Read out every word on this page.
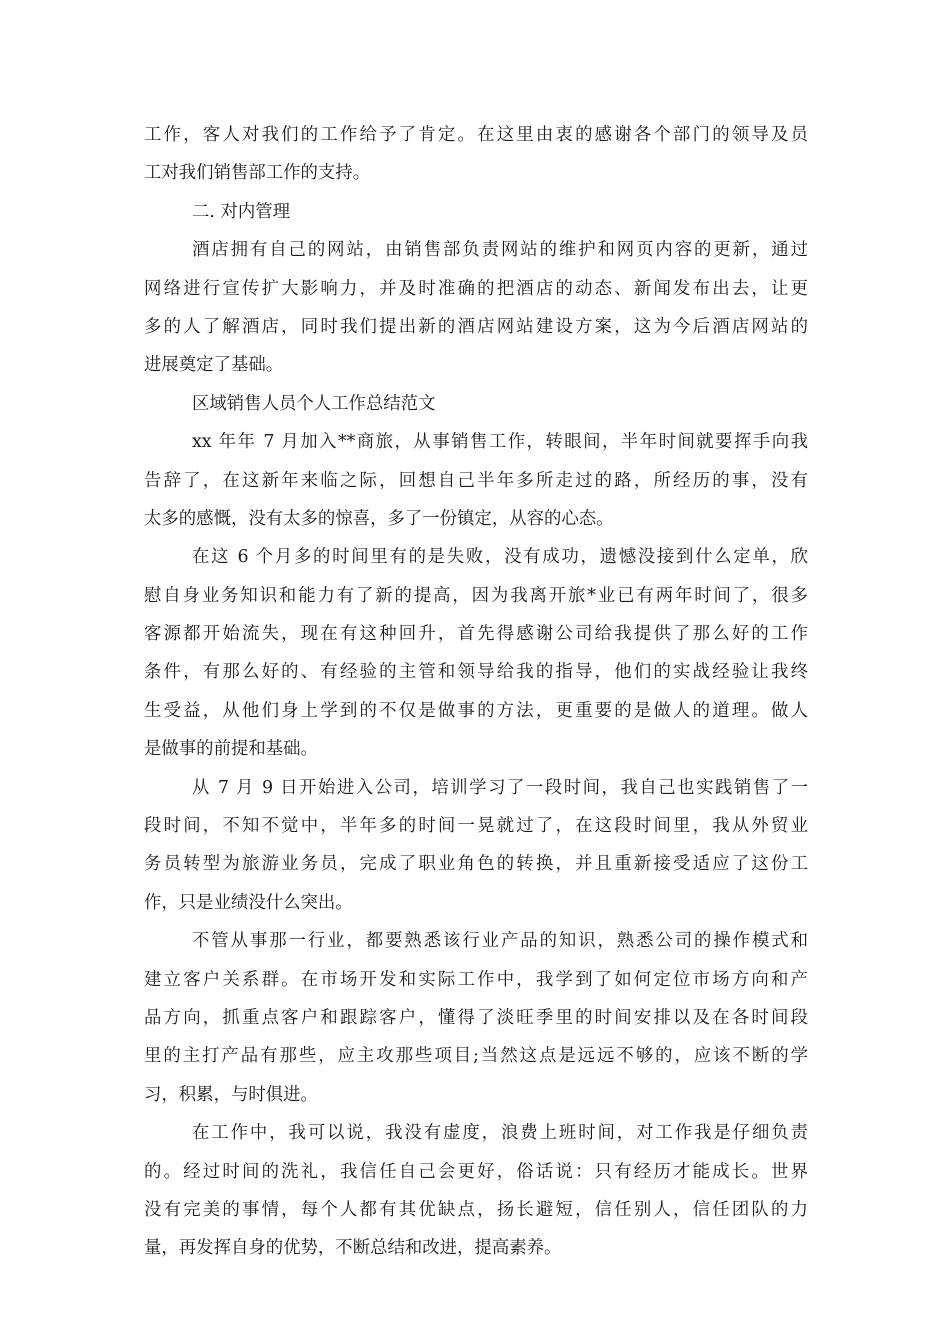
工作，客人对我们的工作给予了肯定。在这里由衷的感谢各个部门的领导及员
工对我们销售部工作的支持。
二. 对内管理
酒店拥有自己的网站，由销售部负责网站的维护和网页内容的更新，通过
网络进行宣传扩大影响力，并及时准确的把酒店的动态、新闻发布出去，让更
多的人了解酒店，同时我们提出新的酒店网站建设方案，这为今后酒店网站的
进展奠定了基础。
区域销售人员个人工作总结范文
xx 年年 7 月加入**商旅，从事销售工作，转眼间，半年时间就要挥手向我
告辞了，在这新年来临之际，回想自己半年多所走过的路，所经历的事，没有
太多的感慨，没有太多的惊喜，多了一份镇定，从容的心态。
在这 6 个月多的时间里有的是失败，没有成功，遗憾没接到什么定单，欣
慰自身业务知识和能力有了新的提高，因为我离开旅*业已有两年时间了，很多
客源都开始流失，现在有这种回升，首先得感谢公司给我提供了那么好的工作
条件，有那么好的、有经验的主管和领导给我的指导，他们的实战经验让我终
生受益，从他们身上学到的不仅是做事的方法，更重要的是做人的道理。做人
是做事的前提和基础。
从 7 月 9 日开始进入公司，培训学习了一段时间，我自己也实践销售了一
段时间，不知不觉中，半年多的时间一晃就过了，在这段时间里，我从外贸业
务员转型为旅游业务员，完成了职业角色的转换，并且重新接受适应了这份工
作，只是业绩没什么突出。
不管从事那一行业，都要熟悉该行业产品的知识，熟悉公司的操作模式和
建立客户关系群。在市场开发和实际工作中，我学到了如何定位市场方向和产
品方向，抓重点客户和跟踪客户，懂得了淡旺季里的时间安排以及在各时间段
里的主打产品有那些，应主攻那些项目;当然这点是远远不够的，应该不断的学
习，积累，与时俱进。
在工作中，我可以说，我没有虚度，浪费上班时间，对工作我是仔细负责
的。经过时间的洗礼，我信任自己会更好，俗话说：只有经历才能成长。世界
没有完美的事情，每个人都有其优缺点，扬长避短，信任别人，信任团队的力
量，再发挥自身的优势，不断总结和改进，提高素养。
